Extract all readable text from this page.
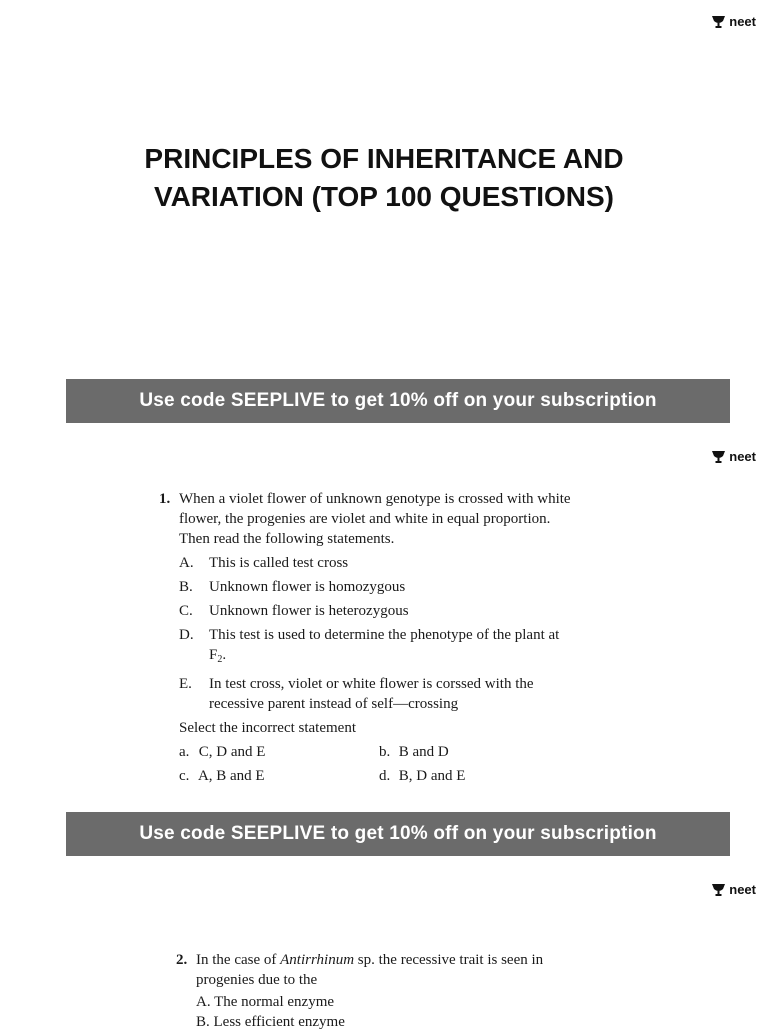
neet
PRINCIPLES OF INHERITANCE AND
VARIATION (TOP 100 QUESTIONS)
Use code SEEPLIVE to get 10% off on your subscription
neet
1. When a violet flower of unknown genotype is crossed with white flower, the progenies are violet and white in equal proportion. Then read the following statements.
A.	This is called test cross
B.	Unknown flower is homozygous
C.	Unknown flower is heterozygous
D.	This test is used to determine the phenotype of the plant at $F_2$.
E.	In test cross, violet or white flower is corssed with the recessive parent instead of self—crossing
Select the incorrect statement
a. C, D and E	b. B and D
c. A, B and E	d. B, D and E
Use code SEEPLIVE to get 10% off on your subscription
neet
2. In the case of Antirrhinum sp. the recessive trait is seen in progenies due to the
A. The normal enzyme
B. Less efficient enzyme
